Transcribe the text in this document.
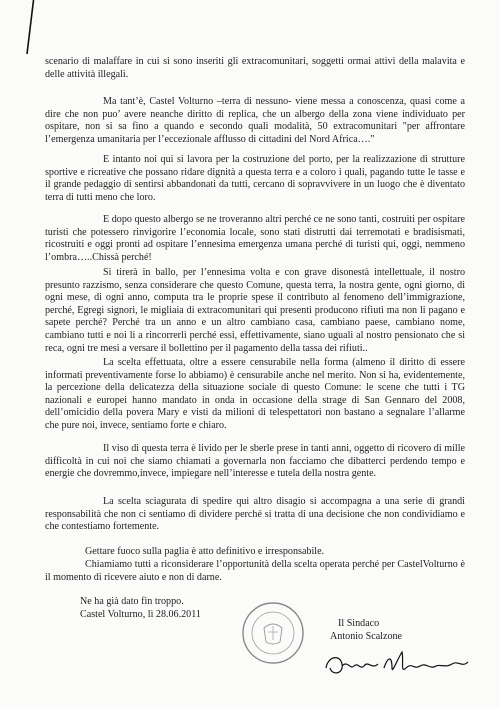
scenario di malaffare in cui si sono inseriti gli extracomunitari, soggetti ormai attivi della malavita e delle attività illegali.

Ma tant’è, Castel Volturno –terra di nessuno- viene messa a conoscenza, quasi come a dire che non puo’ avere neanche diritto di replica, che un albergo della zona viene individuato per ospitare, non si sa fino a quando e secondo quali modalità, 50 extracomunitari "per affrontare l’emergenza umanitaria per l’eccezionale afflusso di cittadini del Nord Africa…."

E intanto noi qui si lavora per la costruzione del porto, per la realizzazione di strutture sportive e ricreative che possano ridare dignità a questa terra e a coloro i quali, pagando tutte le tasse e il grande pedaggio di sentirsi abbandonati da tutti, cercano di sopravvivere in un luogo che è diventato terra di tutti meno che loro.

E dopo questo albergo se ne troveranno altri perché ce ne sono tanti, costruiti per ospitare turisti che potessero rinvigorire l’economia locale, sono stati distrutti dai terremotati e bradisismati, ricostruiti e oggi pronti ad ospitare l’ennesima emergenza umana perché di turisti qui, oggi, nemmeno l’ombra…..Chissà perché!

Si tirerà in ballo, per l’ennesima volta e con grave disonestà intellettuale, il nostro presunto razzismo, senza considerare che questo Comune, questa terra, la nostra gente, ogni giorno, di ogni mese, di ogni anno, computa tra le proprie spese il contributo al fenomeno dell’immigrazione, perché, Egregi signori, le migliaia di extracomunitari qui presenti producono rifiuti ma non li pagano e sapete perché? Perché tra un anno e un altro cambiano casa, cambiano paese, cambiano nome, cambiano tutti e noi li a rincorrerli perché essi, effettivamente, siano uguali al nostro pensionato che si reca, ogni tre mesi a versare il bollettino per il pagamento della tassa dei rifiuti..

La scelta effettuata, oltre a essere censurabile nella forma (almeno il diritto di essere informati preventivamente forse lo abbiamo) è censurabile anche nel merito. Non si ha, evidentemente, la percezione della delicatezza della situazione sociale di questo Comune: le scene che tutti i TG nazionali e europei hanno mandato in onda in occasione della strage di San Gennaro del 2008, dell’omicidio della povera Mary e visti da milioni di telespettatori non bastano a segnalare l’allarme che pure noi, invece, sentiamo forte e chiaro.

Il viso di questa terra è livido per le sberle prese in tanti anni, oggetto di ricovero di mille difficoltà in cui noi che siamo chiamati a governarla non facciamo che dibatterci perdendo tempo e energie che dovremmo,invece, impiegare nell’interesse e tutela della nostra gente.

La scelta sciagurata di spedire qui altro disagio si accompagna a una serie di grandi responsabilità che non ci sentiamo di dividere perché si tratta di una decisione che non condividiamo e che contestiamo fortemente.

Gettare fuoco sulla paglia è atto definitivo e irresponsabile.

Chiamiamo tutti a riconsiderare l’opportunità della scelta operata perché per CastelVolturno è il momento di ricevere aiuto e non di darne.

Ne ha già dato fin troppo.

Castel Volturno, lì 28.06.2011

Il Sindaco
Antonio Scalzone
